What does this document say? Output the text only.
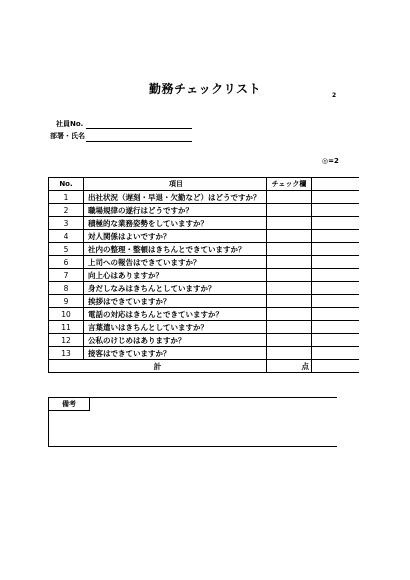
勤務チェックリスト	2
社員No.
部署・氏名
◎=2
No.	項目	チェック欄	
1	出社状況（遅刻・早退・欠勤など）はどうですか？		
2	職場規律の遂行はどうですか？		
3	積極的な業務姿勢をしていますか？		
4	対人関係はよいですか？		
5	社内の整理・整頓はきちんとできていますか？		
6	上司への報告はできていますか？		
7	向上心はありますか？		
8	身だしなみはきちんとしていますか？		
9	挨拶はできていますか？		
10	電話の対応はきちんとできていますか？		
11	言葉遣いはきちんとしていますか？		
12	公私のけじめはありますか？		
13	接客はできていますか？		
計		点	
備考
